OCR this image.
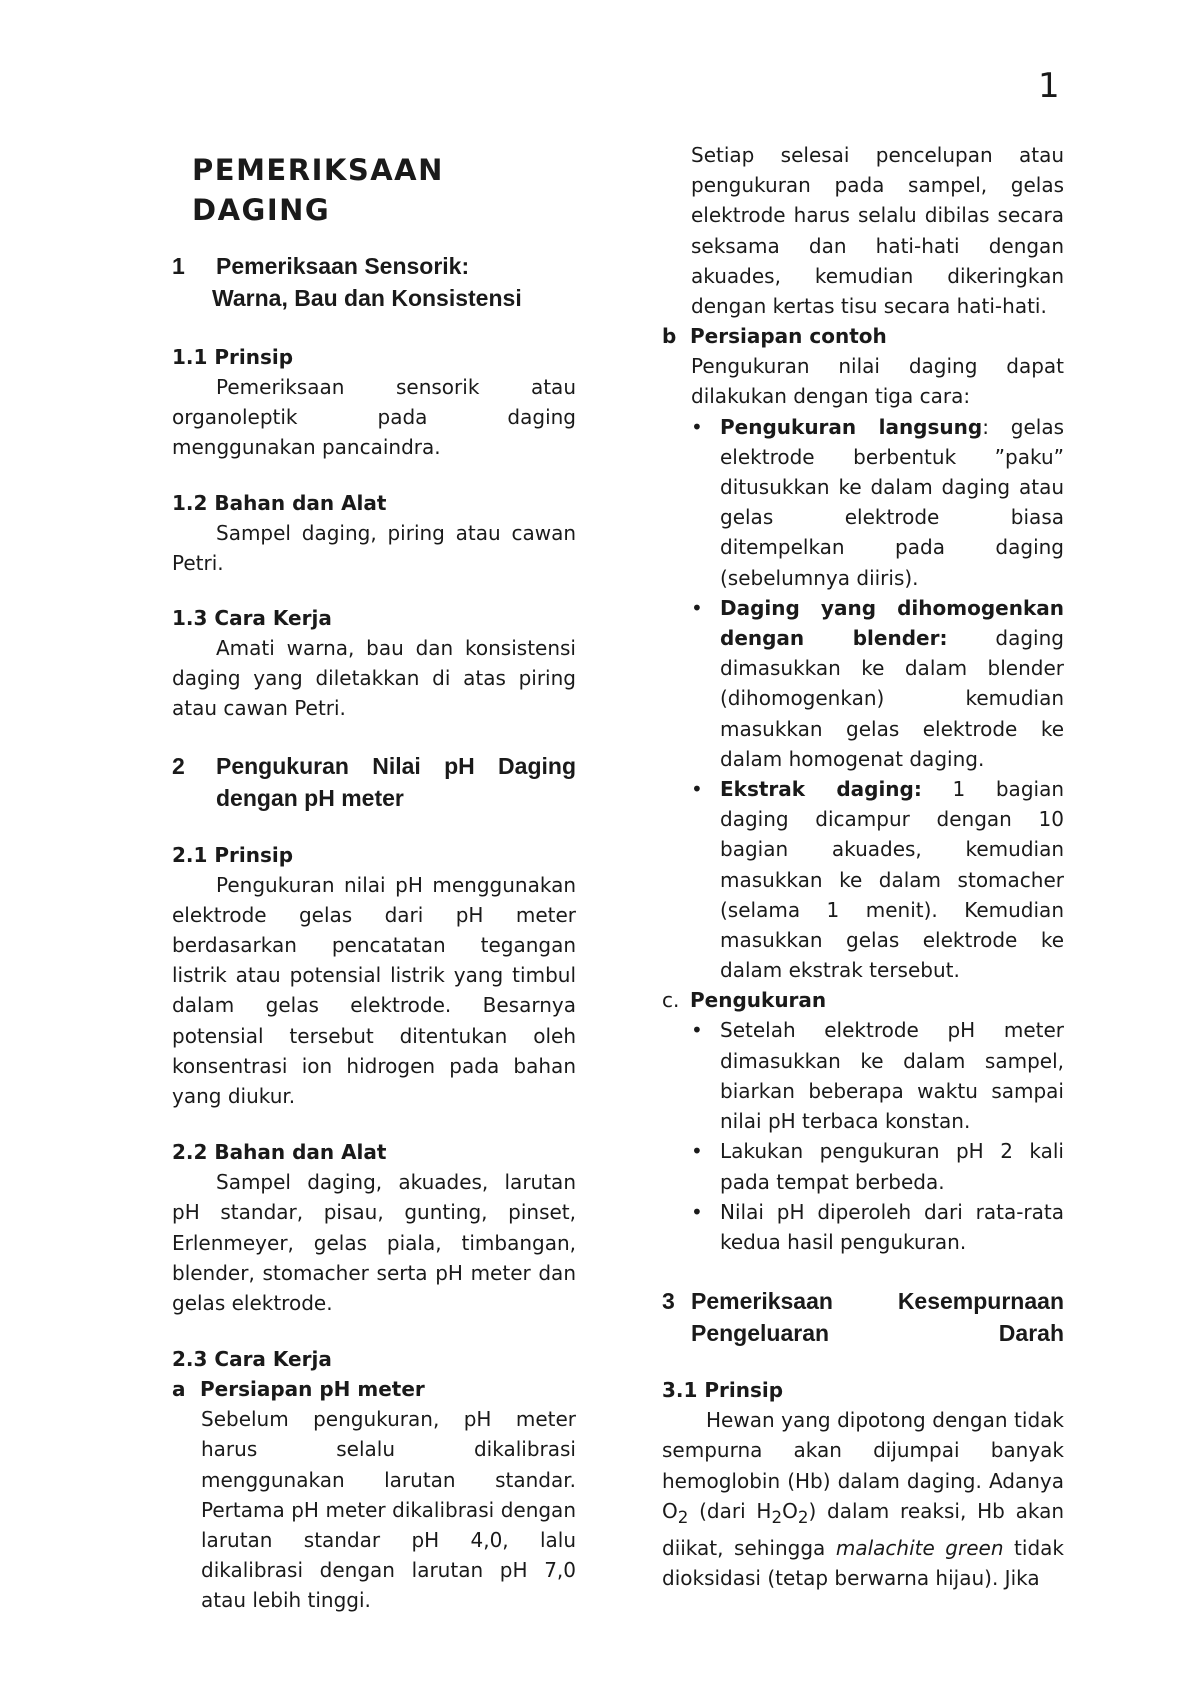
1
PEMERIKSAAN DAGING
1	Pemeriksaan Sensorik:
Warna, Bau dan Konsistensi
1.1 Prinsip

Pemeriksaan sensorik atau organoleptik pada daging menggunakan pancaindra.

1.2 Bahan dan Alat

Sampel daging, piring atau cawan Petri.

1.3 Cara Kerja

Amati warna, bau dan konsistensi daging yang diletakkan di atas piring atau cawan Petri.

2	Pengukuran Nilai pH Daging dengan pH meter
2.1 Prinsip

Pengukuran nilai pH menggunakan elektrode gelas dari pH meter berdasarkan pencatatan tegangan listrik atau potensial listrik yang timbul dalam gelas elektrode. Besarnya potensial tersebut ditentukan oleh konsentrasi ion hidrogen pada bahan yang diukur.

2.2 Bahan dan Alat

Sampel daging, akuades, larutan pH standar, pisau, gunting, pinset, Erlenmeyer, gelas piala, timbangan, blender, stomacher serta pH meter dan gelas elektrode.

2.3 Cara Kerja
a Persiapan pH meter

Sebelum pengukuran, pH meter harus selalu dikalibrasi menggunakan larutan standar. Pertama pH meter dikalibrasi dengan larutan standar pH 4,0, lalu dikalibrasi dengan larutan pH 7,0 atau lebih tinggi.

Setiap selesai pencelupan atau pengukuran pada sampel, gelas elektrode harus selalu dibilas secara seksama dan hati-hati dengan akuades, kemudian dikeringkan dengan kertas tisu secara hati-hati.

b Persiapan contoh

Pengukuran nilai daging dapat dilakukan dengan tiga cara:

• Pengukuran langsung: gelas elektrode berbentuk ”paku” ditusukkan ke dalam daging atau gelas elektrode biasa ditempelkan pada daging (sebelumnya diiris).
• Daging yang dihomogenkan dengan blender: daging dimasukkan ke dalam blender (dihomogenkan) kemudian masukkan gelas elektrode ke dalam homogenat daging.
• Ekstrak daging: 1 bagian daging dicampur dengan 10 bagian akuades, kemudian masukkan ke dalam stomacher (selama 1 menit). Kemudian masukkan gelas elektrode ke dalam ekstrak tersebut.
c. Pengukuran
• Setelah elektrode pH meter dimasukkan ke dalam sampel, biarkan beberapa waktu sampai nilai pH terbaca konstan.
• Lakukan pengukuran pH 2 kali pada tempat berbeda.
• Nilai pH diperoleh dari rata-rata kedua hasil pengukuran.
3 Pemeriksaan Kesempurnaan Pengeluaran Darah
3.1 Prinsip

Hewan yang dipotong dengan tidak sempurna akan dijumpai banyak hemoglobin (Hb) dalam daging. Adanya $O_2$ (dari $H_2O_2$) dalam reaksi, Hb akan diikat, sehingga malachite green tidak dioksidasi (tetap berwarna hijau). Jika
